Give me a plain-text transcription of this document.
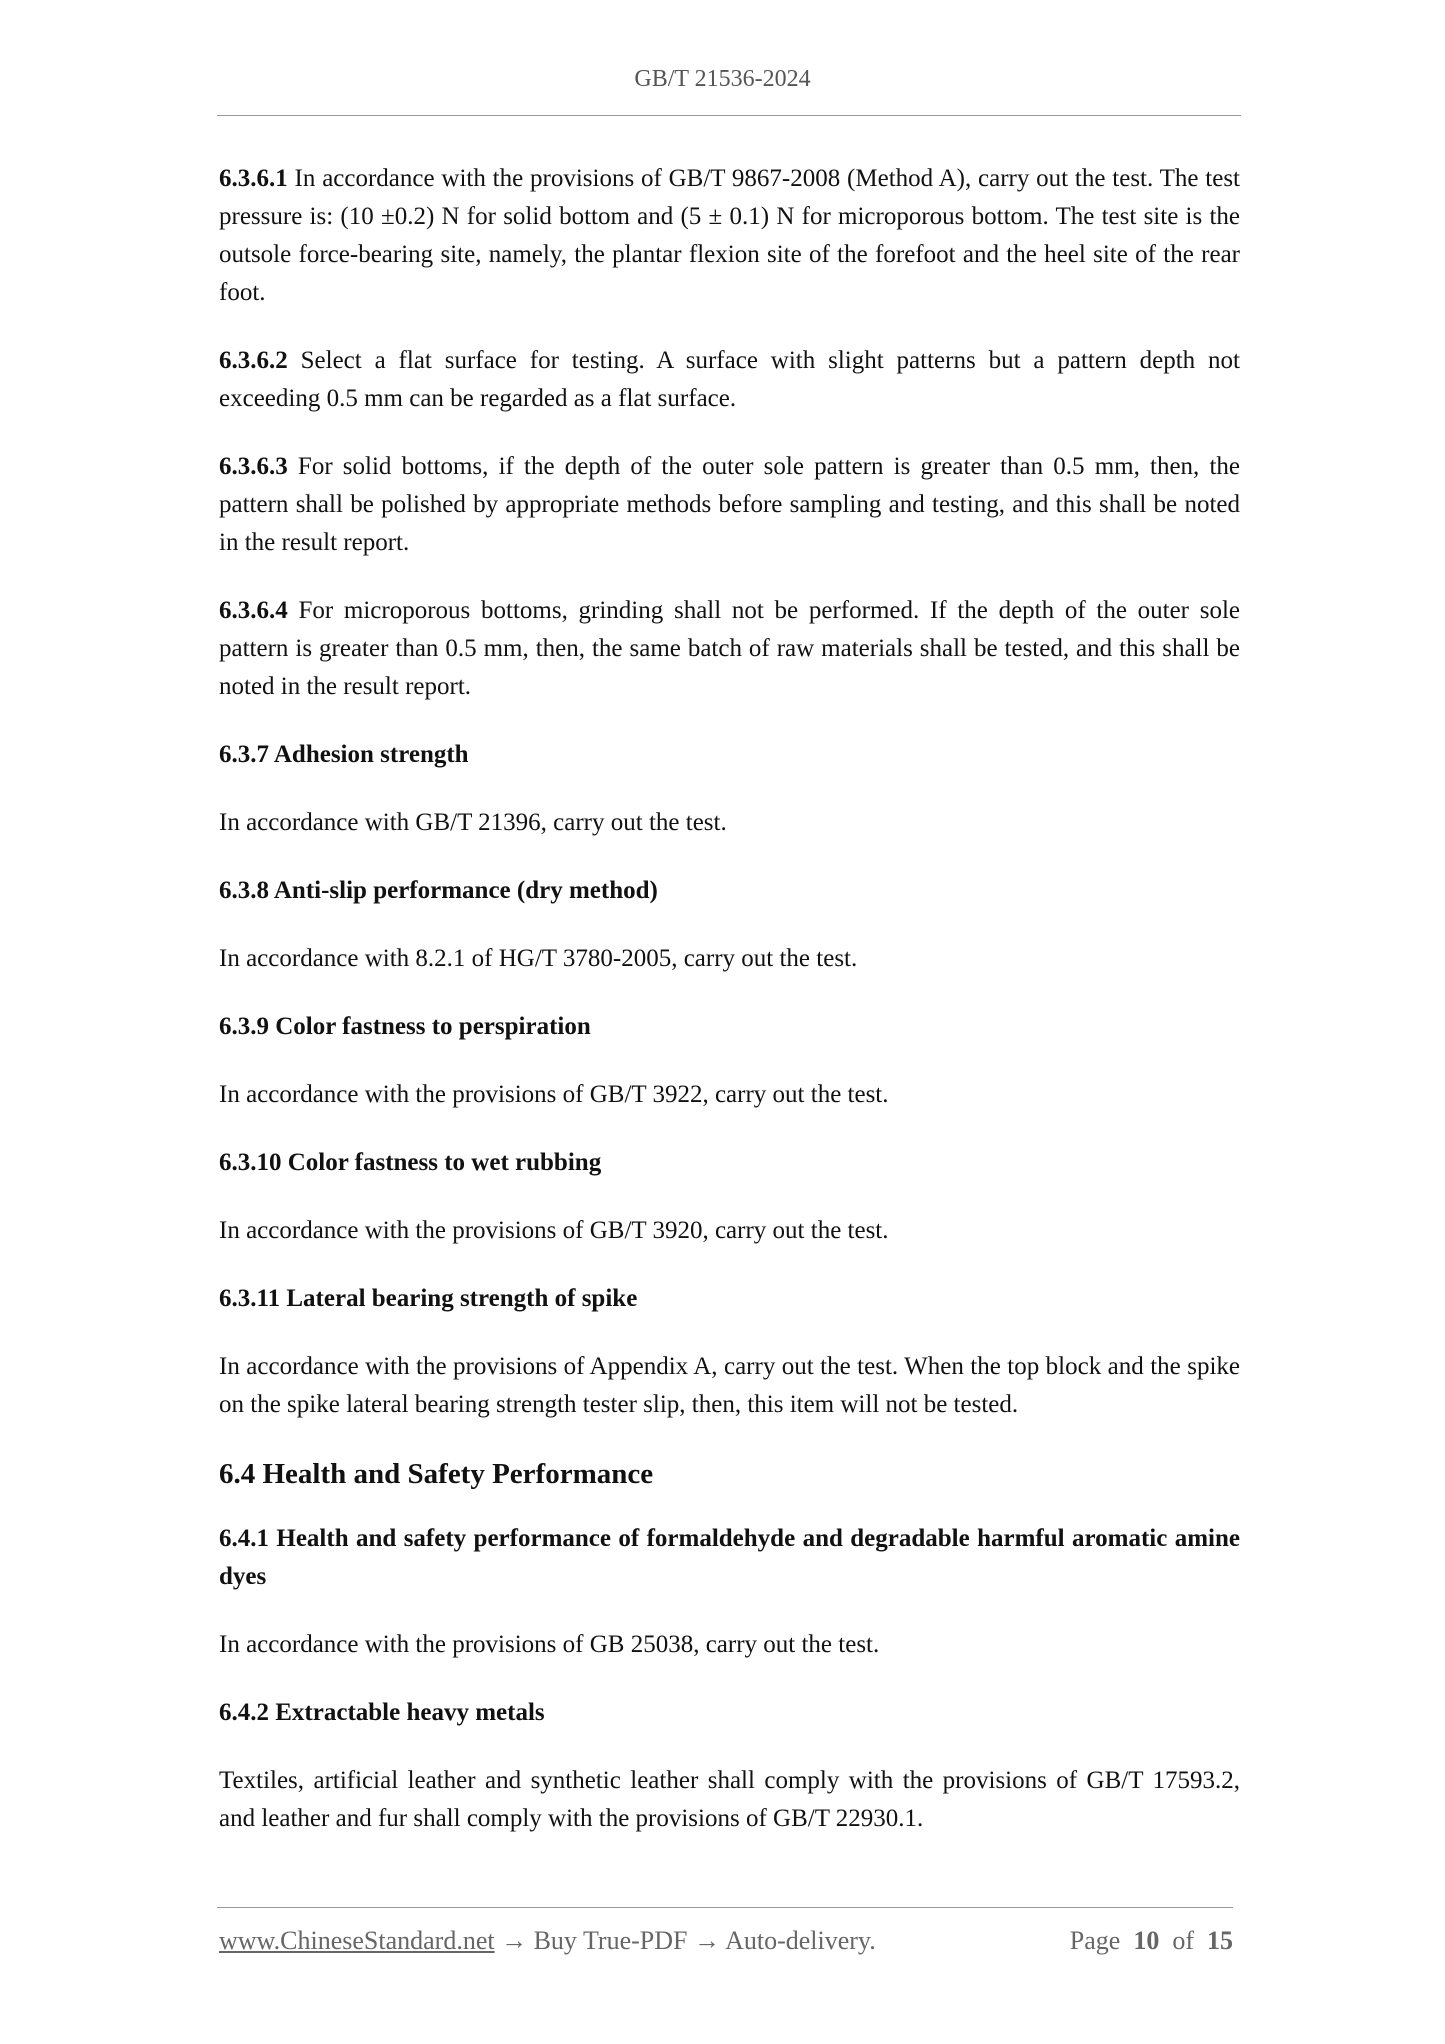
GB/T 21536-2024

6.3.6.1 In accordance with the provisions of GB/T 9867-2008 (Method A), carry out the test. The test pressure is: (10 ±0.2) N for solid bottom and (5 ± 0.1) N for microporous bottom. The test site is the outsole force-bearing site, namely, the plantar flexion site of the forefoot and the heel site of the rear foot.

6.3.6.2 Select a flat surface for testing. A surface with slight patterns but a pattern depth not exceeding 0.5 mm can be regarded as a flat surface.

6.3.6.3 For solid bottoms, if the depth of the outer sole pattern is greater than 0.5 mm, then, the pattern shall be polished by appropriate methods before sampling and testing, and this shall be noted in the result report.

6.3.6.4 For microporous bottoms, grinding shall not be performed. If the depth of the outer sole pattern is greater than 0.5 mm, then, the same batch of raw materials shall be tested, and this shall be noted in the result report.

6.3.7 Adhesion strength

In accordance with GB/T 21396, carry out the test.

6.3.8 Anti-slip performance (dry method)

In accordance with 8.2.1 of HG/T 3780-2005, carry out the test.

6.3.9 Color fastness to perspiration

In accordance with the provisions of GB/T 3922, carry out the test.

6.3.10 Color fastness to wet rubbing

In accordance with the provisions of GB/T 3920, carry out the test.

6.3.11 Lateral bearing strength of spike

In accordance with the provisions of Appendix A, carry out the test. When the top block and the spike on the spike lateral bearing strength tester slip, then, this item will not be tested.

6.4 Health and Safety Performance
6.4.1 Health and safety performance of formaldehyde and degradable harmful aromatic amine dyes

In accordance with the provisions of GB 25038, carry out the test.

6.4.2 Extractable heavy metals

Textiles, artificial leather and synthetic leather shall comply with the provisions of GB/T 17593.2, and leather and fur shall comply with the provisions of GB/T 22930.1.

www.ChineseStandard.net → Buy True-PDF → Auto-delivery.	Page 10 of 15
